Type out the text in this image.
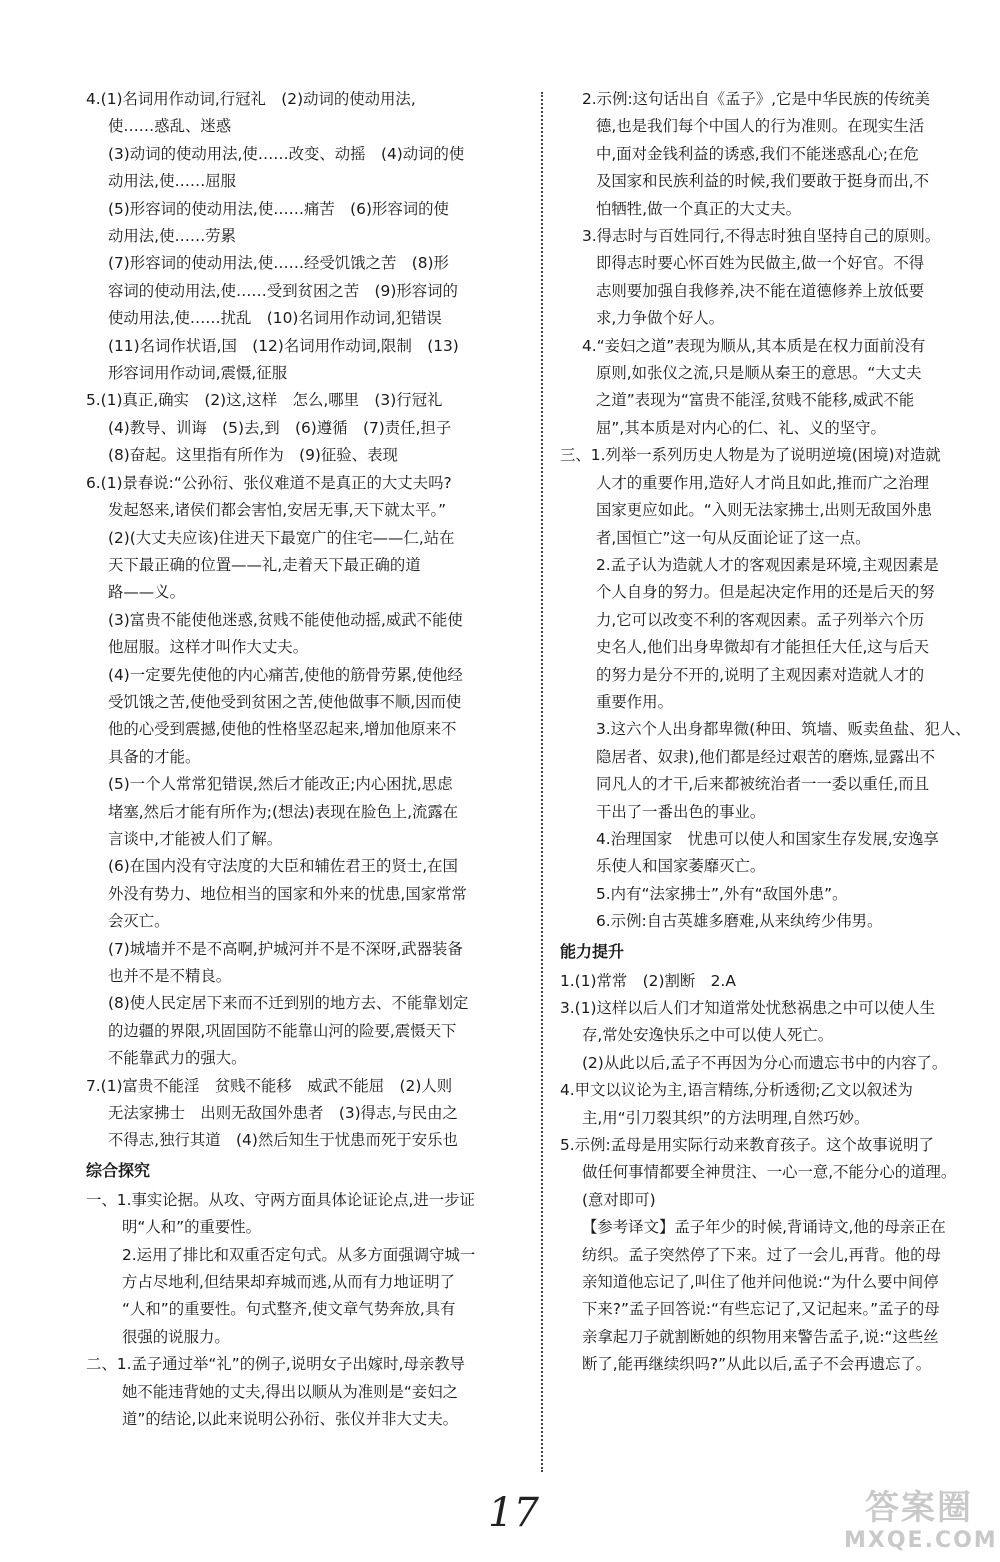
4.(1)名词用作动词,行冠礼　(2)动词的使动用法,
使……惑乱、迷惑
(3)动词的使动用法,使……改变、动摇　(4)动词的使
动用法,使……屈服
(5)形容词的使动用法,使……痛苦　(6)形容词的使
动用法,使……劳累
(7)形容词的使动用法,使……经受饥饿之苦　(8)形
容词的使动用法,使……受到贫困之苦　(9)形容词的
使动用法,使……扰乱　(10)名词用作动词,犯错误
(11)名词作状语,国　(12)名词用作动词,限制　(13)
形容词用作动词,震慑,征服
5.(1)真正,确实　(2)这,这样　怎么,哪里　(3)行冠礼
(4)教导、训诲　(5)去,到　(6)遵循　(7)责任,担子
(8)奋起。这里指有所作为　(9)征验、表现
6.(1)景春说:“公孙衍、张仪难道不是真正的大丈夫吗?
发起怒来,诸侯们都会害怕,安居无事,天下就太平。”
(2)(大丈夫应该)住进天下最宽广的住宅——仁,站在
天下最正确的位置——礼,走着天下最正确的道
路——义。
(3)富贵不能使他迷惑,贫贱不能使他动摇,威武不能使
他屈服。这样才叫作大丈夫。
(4)一定要先使他的内心痛苦,使他的筋骨劳累,使他经
受饥饿之苦,使他受到贫困之苦,使他做事不顺,因而使
他的心受到震撼,使他的性格坚忍起来,增加他原来不
具备的才能。
(5)一个人常常犯错误,然后才能改正;内心困扰,思虑
堵塞,然后才能有所作为;(想法)表现在脸色上,流露在
言谈中,才能被人们了解。
(6)在国内没有守法度的大臣和辅佐君王的贤士,在国
外没有势力、地位相当的国家和外来的忧患,国家常常
会灭亡。
(7)城墙并不是不高啊,护城河并不是不深呀,武器装备
也并不是不精良。
(8)使人民定居下来而不迁到别的地方去、不能靠划定
的边疆的界限,巩固国防不能靠山河的险要,震慑天下
不能靠武力的强大。
7.(1)富贵不能淫　贫贱不能移　威武不能屈　(2)人则
无法家拂士　出则无敌国外患者　(3)得志,与民由之
不得志,独行其道　(4)然后知生于忧患而死于安乐也
综合探究
一、1.事实论据。从攻、守两方面具体论证论点,进一步证
明“人和”的重要性。
2.运用了排比和双重否定句式。从多方面强调守城一
方占尽地利,但结果却弃城而逃,从而有力地证明了
“人和”的重要性。句式整齐,使文章气势奔放,具有
很强的说服力。
二、1.孟子通过举“礼”的例子,说明女子出嫁时,母亲教导
她不能违背她的丈夫,得出以顺从为准则是“妾妇之
道”的结论,以此来说明公孙衍、张仪并非大丈夫。
2.示例:这句话出自《孟子》,它是中华民族的传统美
德,也是我们每个中国人的行为准则。在现实生活
中,面对金钱利益的诱惑,我们不能迷惑乱心;在危
及国家和民族利益的时候,我们要敢于挺身而出,不
怕牺牲,做一个真正的大丈夫。
3.得志时与百姓同行,不得志时独自坚持自己的原则。
即得志时要心怀百姓为民做主,做一个好官。不得
志则要加强自我修养,决不能在道德修养上放低要
求,力争做个好人。
4.“妾妇之道”表现为顺从,其本质是在权力面前没有
原则,如张仪之流,只是顺从秦王的意思。“大丈夫
之道”表现为“富贵不能淫,贫贱不能移,威武不能
屈”,其本质是对内心的仁、礼、义的坚守。
三、1.列举一系列历史人物是为了说明逆境(困境)对造就
人才的重要作用,造好人才尚且如此,推而广之治理
国家更应如此。“入则无法家拂士,出则无敌国外患
者,国恒亡”这一句从反面论证了这一点。
2.孟子认为造就人才的客观因素是环境,主观因素是
个人自身的努力。但是起决定作用的还是后天的努
力,它可以改变不利的客观因素。孟子列举六个历
史名人,他们出身卑微却有才能担任大任,这与后天
的努力是分不开的,说明了主观因素对造就人才的
重要作用。
3.这六个人出身都卑微(种田、筑墙、贩卖鱼盐、犯人、
隐居者、奴隶),他们都是经过艰苦的磨炼,显露出不
同凡人的才干,后来都被统治者一一委以重任,而且
干出了一番出色的事业。
4.治理国家　忧患可以使人和国家生存发展,安逸享
乐使人和国家萎靡灭亡。
5.内有“法家拂士”,外有“敌国外患”。
6.示例:自古英雄多磨难,从来纨绔少伟男。
能力提升
1.(1)常常　(2)割断　2.A
3.(1)这样以后人们才知道常处忧愁祸患之中可以使人生
存,常处安逸快乐之中可以使人死亡。
(2)从此以后,孟子不再因为分心而遗忘书中的内容了。
4.甲文以议论为主,语言精练,分析透彻;乙文以叙述为
主,用“引刀裂其织”的方法明理,自然巧妙。
5.示例:孟母是用实际行动来教育孩子。这个故事说明了
做任何事情都要全神贯注、一心一意,不能分心的道理。
(意对即可)
【参考译文】孟子年少的时候,背诵诗文,他的母亲正在
纺织。孟子突然停了下来。过了一会儿,再背。他的母
亲知道他忘记了,叫住了他并问他说:“为什么要中间停
下来?”孟子回答说:“有些忘记了,又记起来。”孟子的母
亲拿起刀子就割断她的织物用来警告孟子,说:“这些丝
断了,能再继续织吗?”从此以后,孟子不会再遗忘了。
17	答案圈
MXQE.COM
